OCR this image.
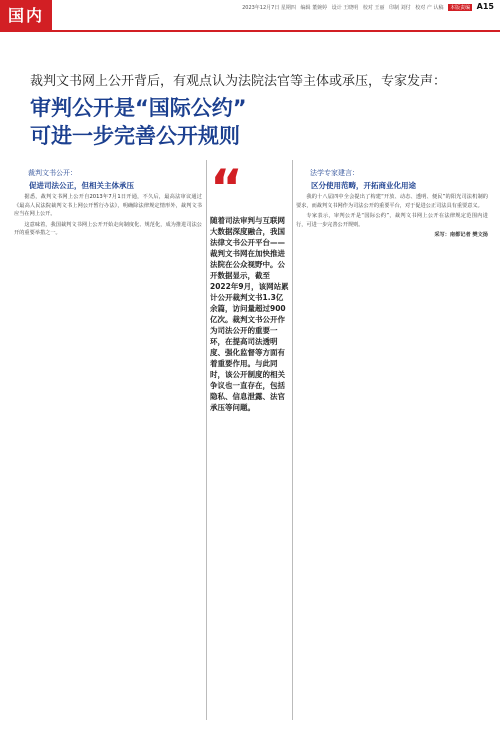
国内	2023年12月7日 星期四 编辑 董婉婷 设计 王晓明 校对 王丽 印制 刘付 校对 产 认稿 本版责编 A15
裁判文书网上公开背后，有观点认为法院法官等主体或承压，专家发声：
审判公开是“国际公约”
可进一步完善公开规则

裁判文书公开：

促进司法公正，但相关主体承压

据悉，裁判文书网上公开自2013年7月1日开通，不久后，最高法审议通过《最高人民法院裁判文书上网公开暂行办法》，明确除法律规定情形外，裁判文书应当在网上公开。

这意味着，我国裁判文书网上公开开始走向制度化、规范化，成为推进司法公开的重要举措之一。

“
随着司法审判与互联网大数据深度融合，我国法律文书公开平台——裁判文书网在加快推进法院在公众视野中。公开数据显示，截至2022年9月，该网站累计公开裁判文书1.3亿余篇，访问量超过900亿次。裁判文书公开作为司法公开的重要一环，在提高司法透明度、强化监督等方面有着重要作用。与此同时，该公开制度的相关争议也一直存在，包括隐私、信息泄露、法官承压等问题。

法学专家建言：

区分使用范畴，开拓商业化用途

我的十八届四中全会提出了构建“开放、动态、透明、便民”的阳光司法机制的要求，而裁判文书网作为司法公开的重要平台，对于促进公正司法具有重要意义。

专家表示，审判公开是“国际公约”，裁判文书网上公开在法律规定范围内进行，可进一步完善公开规则。

采写：南都记者 樊文扬
